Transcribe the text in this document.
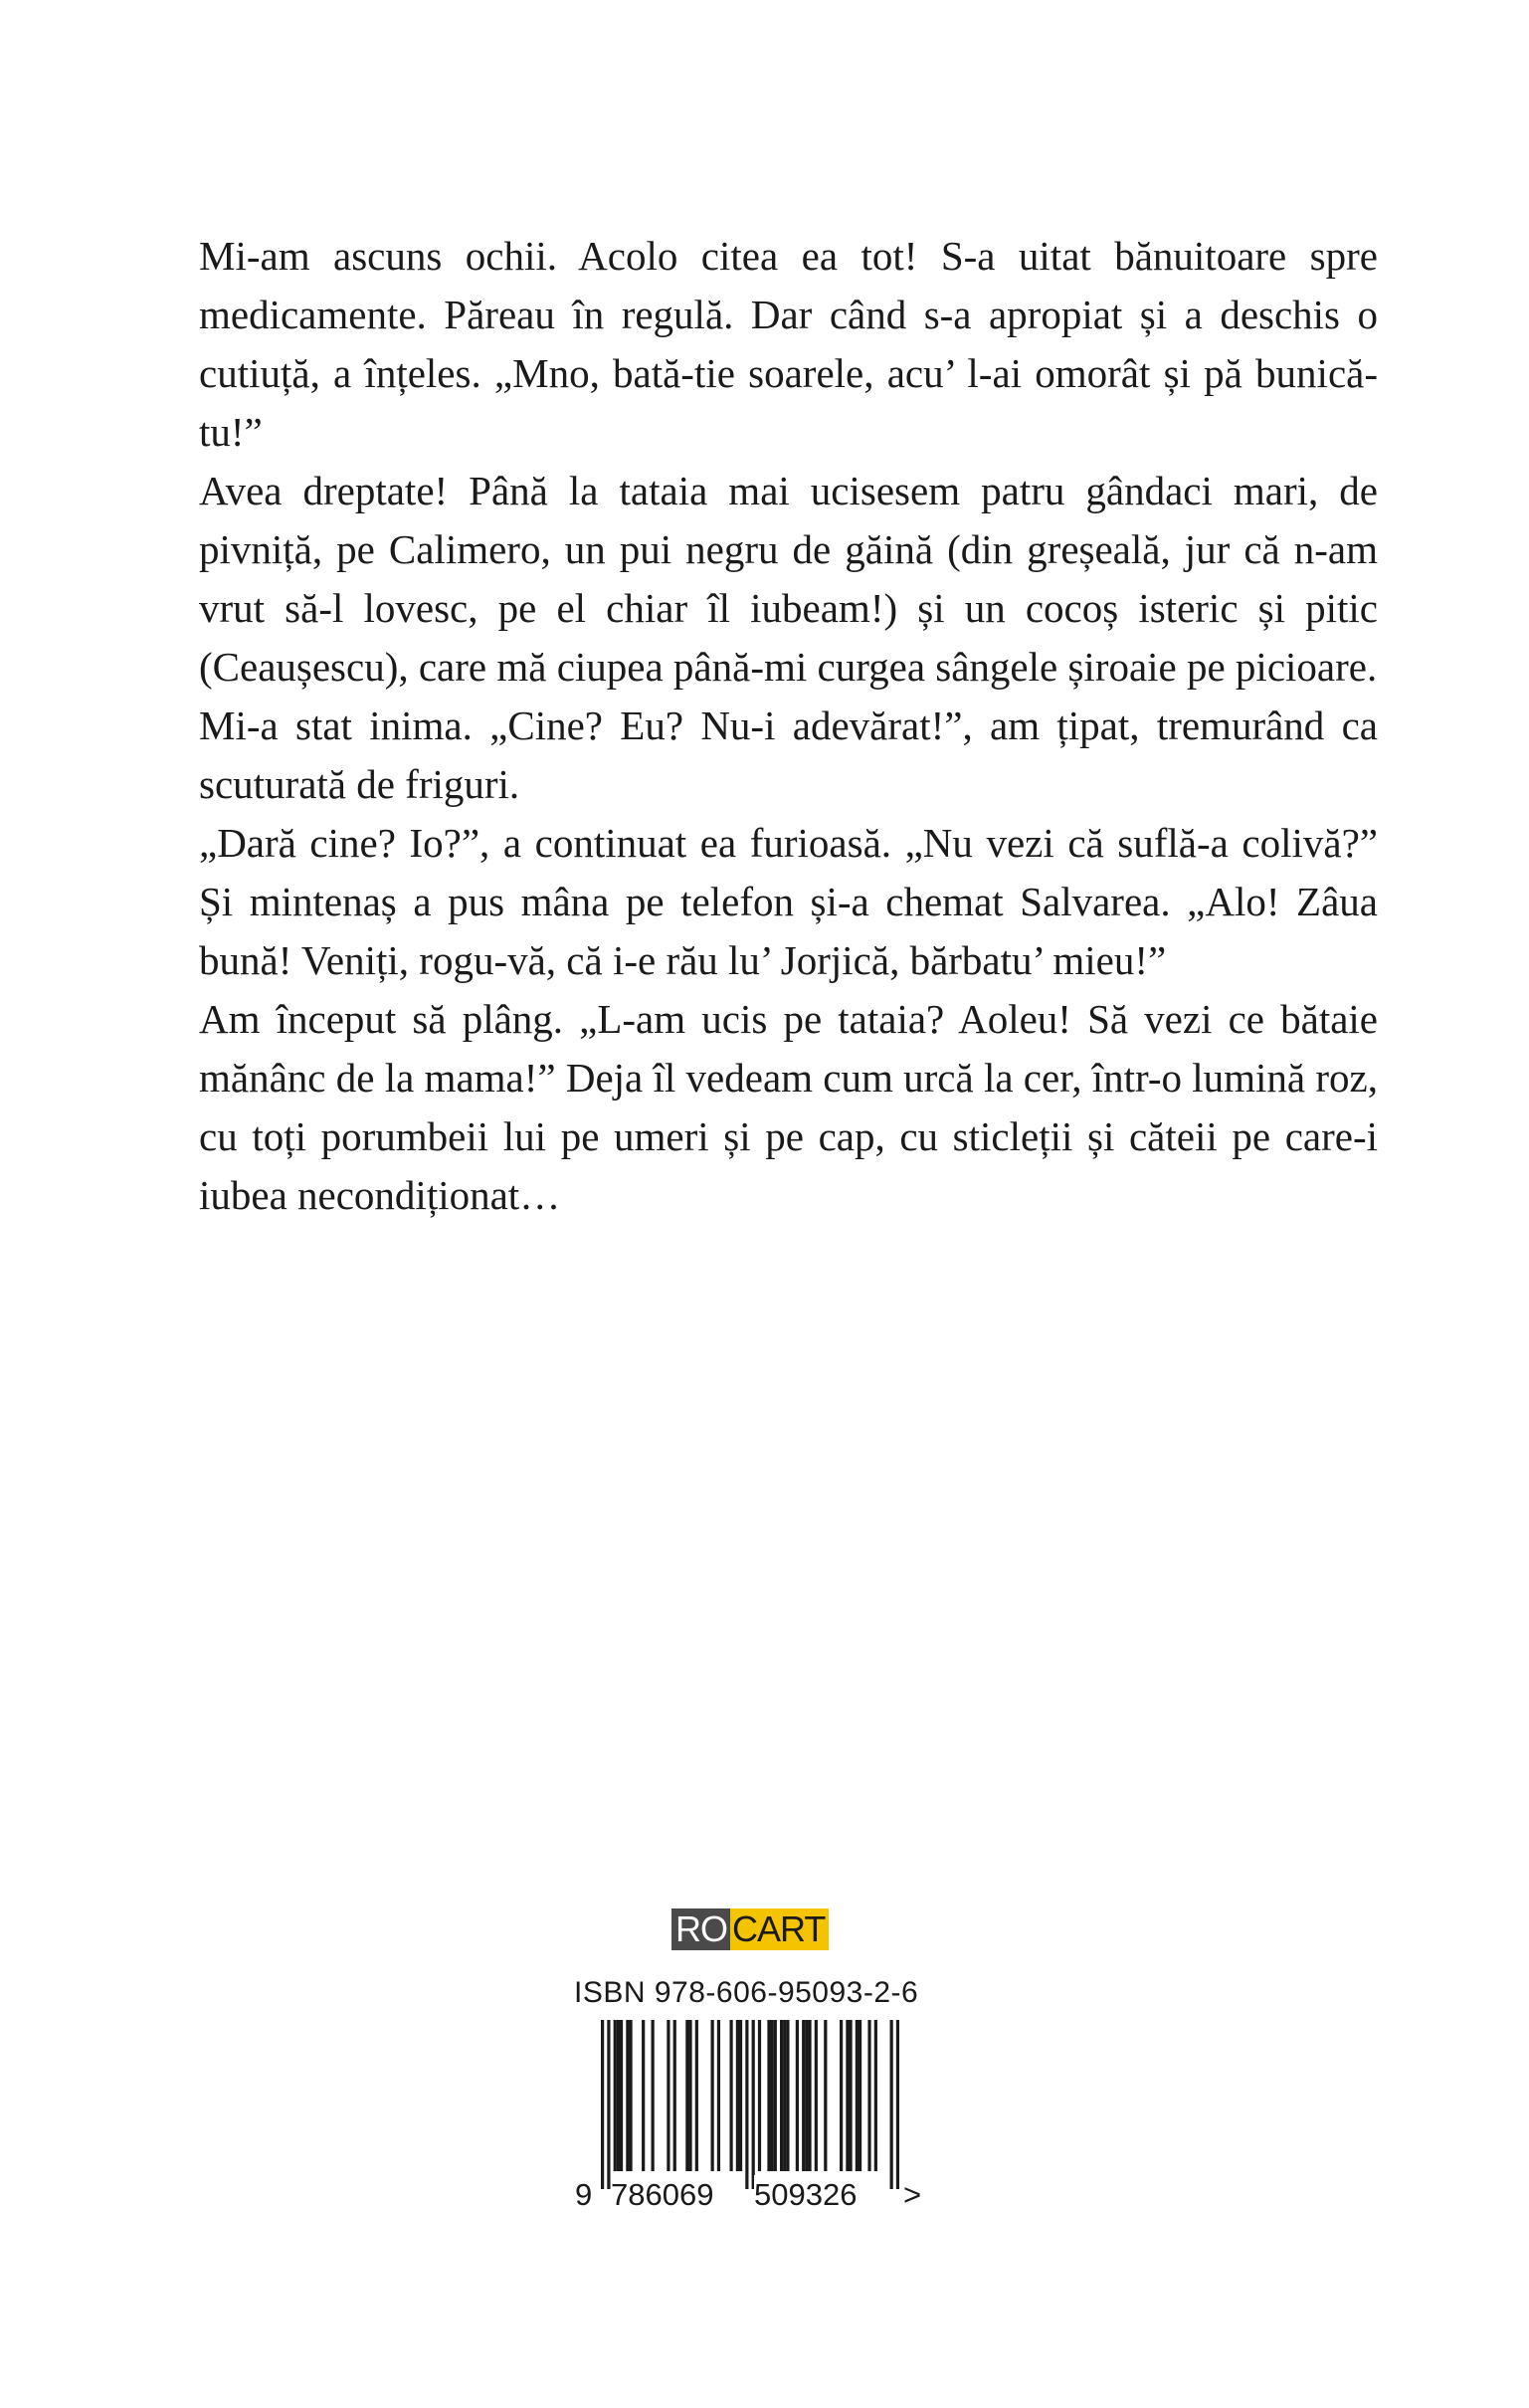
Mi-am ascuns ochii. Acolo citea ea tot! S-a uitat bănuitoare spre medicamente. Păreau în regulă. Dar când s-a apropiat și a deschis o cutiuță, a înțeles. „Mno, bată-tie soarele, acu’ l-ai omorât și pă bunică-tu!”

Avea dreptate! Până la tataia mai ucisesem patru gândaci mari, de pivniță, pe Calimero, un pui negru de găină (din greșeală, jur că n-am vrut să-l lovesc, pe el chiar îl iubeam!) și un cocoș isteric și pitic (Ceaușescu), care mă ciupea până-mi curgea sângele șiroaie pe picioare.

Mi-a stat inima. „Cine? Eu? Nu-i adevărat!”, am țipat, tremurând ca scuturată de friguri.

„Dară cine? Io?”, a continuat ea furioasă. „Nu vezi că suflă-a colivă?” Și mintenaș a pus mâna pe telefon și-a chemat Salvarea. „Alo! Zâua bună! Veniți, rogu-vă, că i-e rău lu’ Jorjică, bărbatu’ mieu!”

Am început să plâng. „L-am ucis pe tataia? Aoleu! Să vezi ce bătaie mănânc de la mama!” Deja îl vedeam cum urcă la cer, într-o lumină roz, cu toți porumbeii lui pe umeri și pe cap, cu sticleții și căteii pe care-i iubea necondiționat…

RO CART
ISBN 978-606-95093-2-6
9 786069 509326 >
